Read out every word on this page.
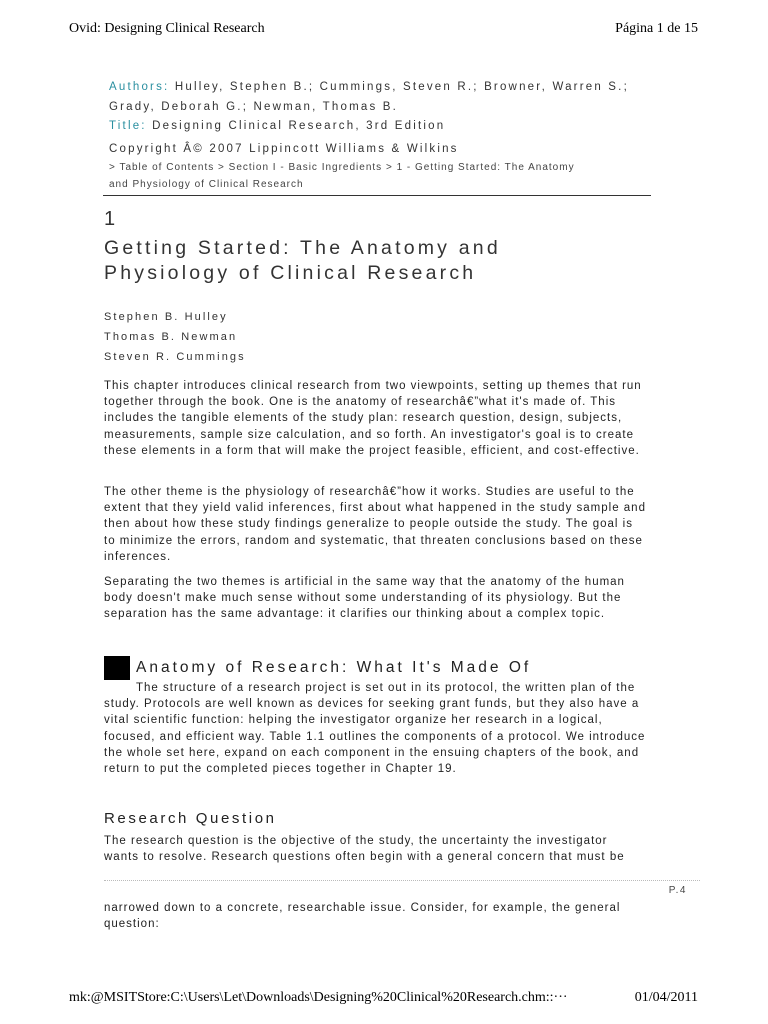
Ovid: Designing Clinical Research	Página 1 de 15
Authors: Hulley, Stephen B.; Cummings, Steven R.; Browner, Warren S.;
Grady, Deborah G.; Newman, Thomas B.
Title: Designing Clinical Research, 3rd Edition
Copyright Â© 2007 Lippincott Williams & Wilkins
> Table of Contents > Section I - Basic Ingredients > 1 - Getting Started: The Anatomy
and Physiology of Clinical Research
1
Getting Started: The Anatomy and
Physiology of Clinical Research
Stephen B. Hulley
Thomas B. Newman
Steven R. Cummings

This chapter introduces clinical research from two viewpoints, setting up themes that run together through the book. One is the anatomy of researchâ€”what it's made of. This includes the tangible elements of the study plan: research question, design, subjects, measurements, sample size calculation, and so forth. An investigator's goal is to create these elements in a form that will make the project feasible, efficient, and cost-effective.

The other theme is the physiology of researchâ€”how it works. Studies are useful to the extent that they yield valid inferences, first about what happened in the study sample and then about how these study findings generalize to people outside the study. The goal is to minimize the errors, random and systematic, that threaten conclusions based on these inferences.

Separating the two themes is artificial in the same way that the anatomy of the human body doesn't make much sense without some understanding of its physiology. But the separation has the same advantage: it clarifies our thinking about a complex topic.

Anatomy of Research: What It's Made Of

The structure of a research project is set out in its protocol, the written plan of the study. Protocols are well known as devices for seeking grant funds, but they also have a vital scientific function: helping the investigator organize her research in a logical, focused, and efficient way. Table 1.1 outlines the components of a protocol. We introduce the whole set here, expand on each component in the ensuing chapters of the book, and return to put the completed pieces together in Chapter 19.

Research Question

The research question is the objective of the study, the uncertainty the investigator wants to resolve. Research questions often begin with a general concern that must be

P.4

narrowed down to a concrete, researchable issue. Consider, for example, the general question:

mk:@MSITStore:C:\Users\Let\Downloads\Designing%20Clinical%20Research.chm::···	01/04/2011
